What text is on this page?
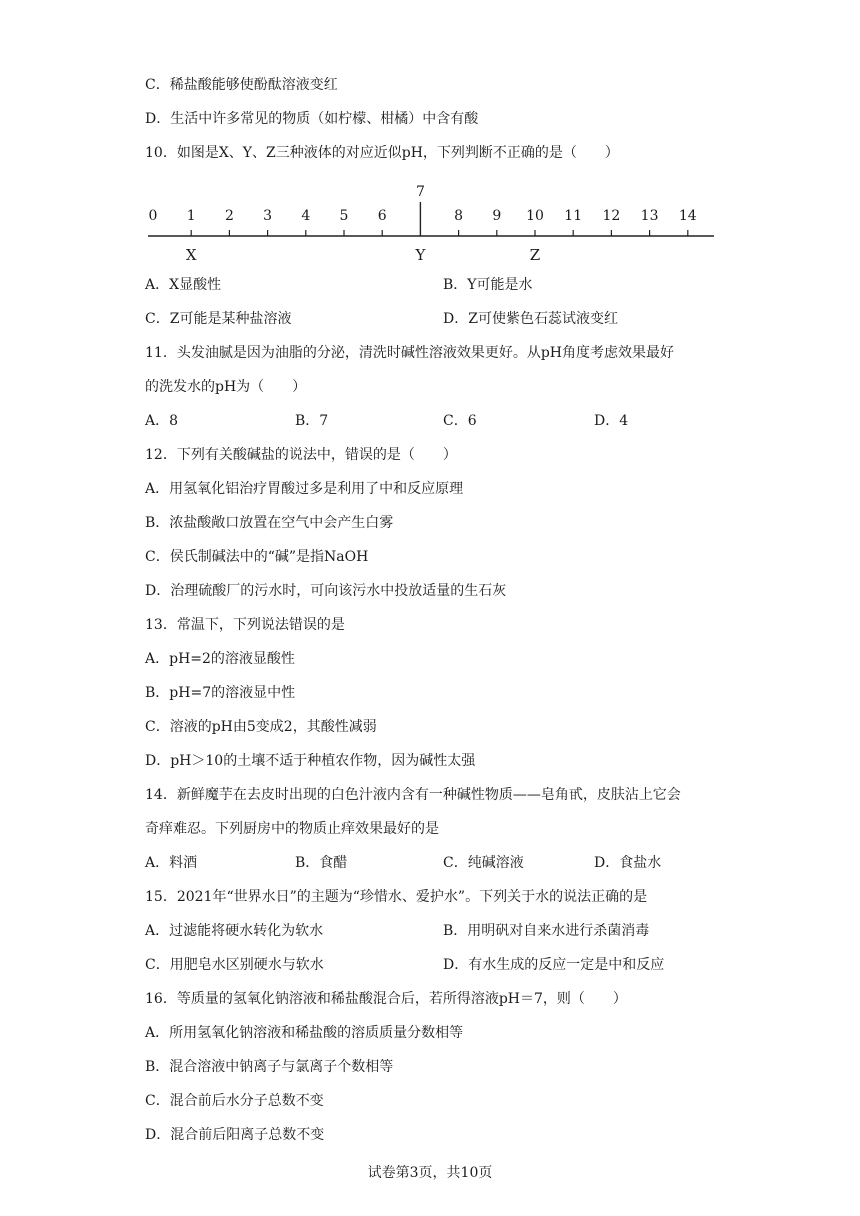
C．稀盐酸能够使酚酞溶液变红
D．生活中许多常见的物质（如柠檬、柑橘）中含有酸
10．如图是X、Y、Z三种液体的对应近似pH，下列判断不正确的是（　　）
0 1 2 3 4 5 6
7
8 9 10 11 12 13 14
X	Y	Z
A．X显酸性	B．Y可能是水
C．Z可能是某种盐溶液	D．Z可使紫色石蕊试液变红
11．头发油腻是因为油脂的分泌，清洗时碱性溶液效果更好。从pH角度考虑效果最好
的洗发水的pH为（　　）
A．8	B．7	C．6	D．4
12．下列有关酸碱盐的说法中，错误的是（　　）
A．用氢氧化铝治疗胃酸过多是利用了中和反应原理
B．浓盐酸敞口放置在空气中会产生白雾
C．侯氏制碱法中的“碱”是指NaOH
D．治理硫酸厂的污水时，可向该污水中投放适量的生石灰
13．常温下，下列说法错误的是
A．pH=2的溶液显酸性
B．pH=7的溶液显中性
C．溶液的pH由5变成2，其酸性减弱
D．pH＞10的土壤不适于种植农作物，因为碱性太强
14．新鲜魔芋在去皮时出现的白色汁液内含有一种碱性物质——皂角甙，皮肤沾上它会
奇痒难忍。下列厨房中的物质止痒效果最好的是
A．料酒	B．食醋	C．纯碱溶液	D．食盐水
15．2021年“世界水日”的主题为“珍惜水、爱护水”。下列关于水的说法正确的是
A．过滤能将硬水转化为软水	B．用明矾对自来水进行杀菌消毒
C．用肥皂水区别硬水与软水	D．有水生成的反应一定是中和反应
16．等质量的氢氧化钠溶液和稀盐酸混合后，若所得溶液pH＝7，则（　　）
A．所用氢氧化钠溶液和稀盐酸的溶质质量分数相等
B．混合溶液中钠离子与氯离子个数相等
C．混合前后水分子总数不变
D．混合前后阳离子总数不变
试卷第3页，共10页
